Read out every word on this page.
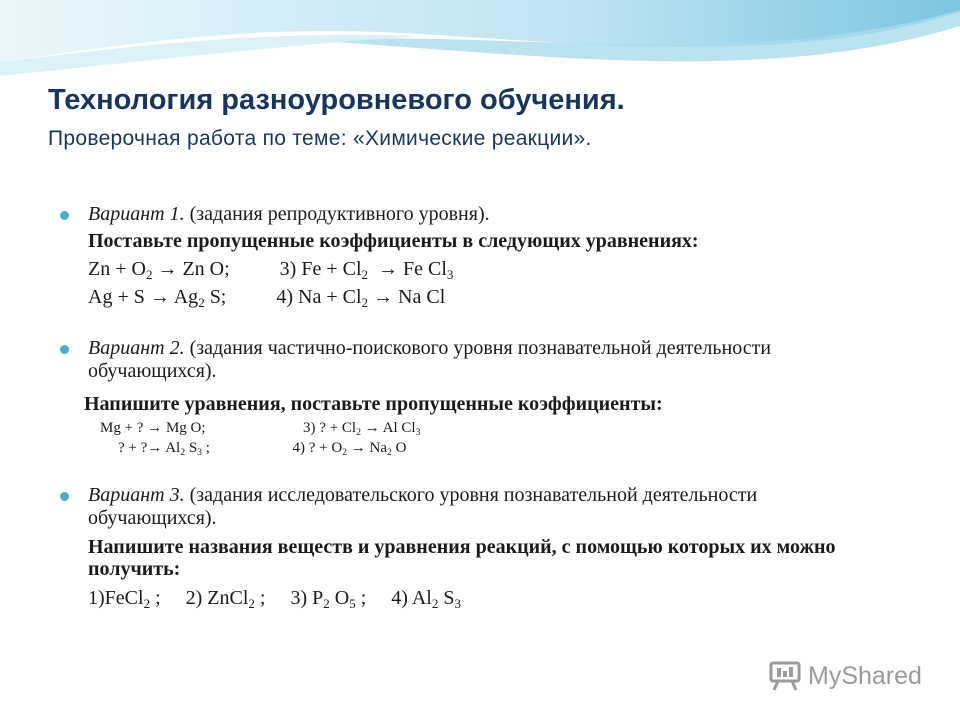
Технология разноуровневого обучения.
Проверочная работа по теме: «Химические реакции».
Вариант 1. (задания репродуктивного уровня).
Поставьте пропущенные коэффициенты в следующих уравнениях:
$Zn + O_2 \to Zn$ O;	3) $Fe + Cl_2 \to Fe$ $Cl_3$
$Ag + S \to Ag_2$ S;	4) $Na + Cl_2 \to Na$ Cl
Вариант 2. (задания частично-поискового уровня познавательной деятельности обучающихся).
Напишите уравнения, поставьте пропущенные коэффициенты:
Mg + ? → Mg O;	3) ? + $Cl_2 \to Al$ $Cl_3$
? + ?→ $Al_2$ $S_3$ ;	4) ? + $O_2 \to Na_2$ O
Вариант 3. (задания исследовательского уровня познавательной деятельности обучающихся).
Напишите названия веществ и уравнения реакций, с помощью которых их можно получить:
1)FeCl$_2$ ; 2) ZnCl$_2$ ; 3) $P_2$ $O_5$ ; 4) $Al_2$ $S_3$
MyShared
